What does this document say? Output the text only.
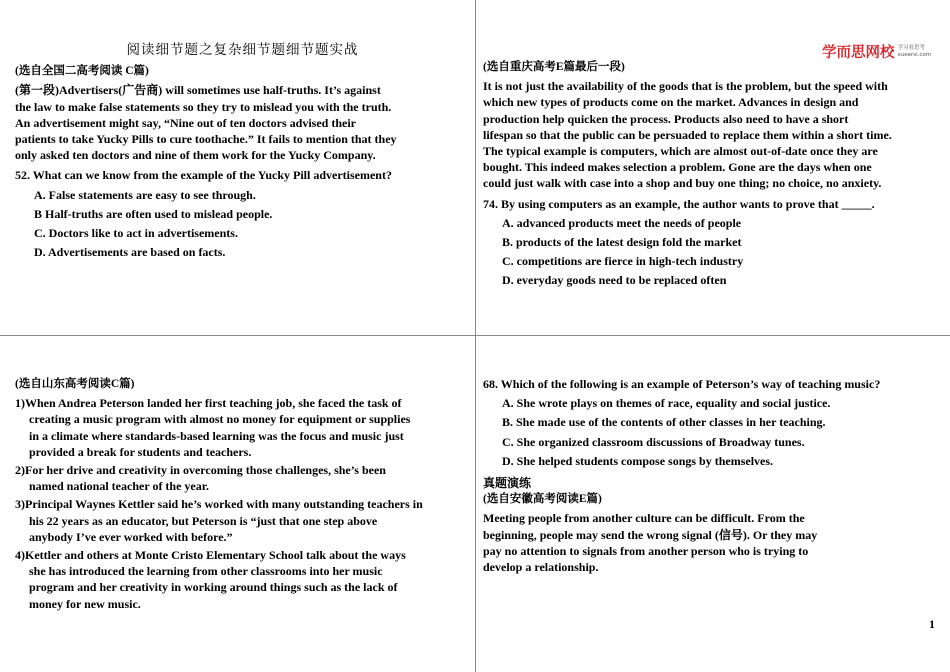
学而思网校 学习看思考
xueersi.com
阅读细节题之复杂细节题细节题实战
(选自全国二高考阅读 C篇)
(第一段)Advertisers(广告商) will sometimes use half-truths. It’s against
the law to make false statements so they try to mislead you with the truth.
An advertisement might say, “Nine out of ten doctors advised their
patients to take Yucky Pills to cure toothache.” It fails to mention that they
only asked ten doctors and nine of them work for the Yucky Company.
52. What can we know from the example of the Yucky Pill advertisement?
A. False statements are easy to see through.
B Half-truths are often used to mislead people.
C. Doctors like to act in advertisements.
D. Advertisements are based on facts.
(选自重庆高考E篇最后一段)
It is not just the availability of the goods that is the problem, but the speed with
which new types of products come on the market. Advances in design and
production help quicken the process. Products also need to have a short
lifespan so that the public can be persuaded to replace them within a short time.
The typical example is computers, which are almost out-of-date once they are
bought. This indeed makes selection a problem. Gone are the days when one
could just walk with case into a shop and buy one thing; no choice, no anxiety.
74. By using computers as an example, the author wants to prove that _____.
A. advanced products meet the needs of people
B. products of the latest design fold the market
C. competitions are fierce in high-tech industry
D. everyday goods need to be replaced often
(选自山东高考阅读C篇)
1)When Andrea Peterson landed her first teaching job, she faced the task of
creating a music program with almost no money for equipment or supplies
in a climate where standards-based learning was the focus and music just
provided a break for students and teachers.
2)For her drive and creativity in overcoming those challenges, she’s been
named national teacher of the year.
3)Principal Waynes Kettler said he’s worked with many outstanding teachers in
his 22 years as an educator, but Peterson is “just that one step above
anybody I’ve ever worked with before.”
4)Kettler and others at Monte Cristo Elementary School talk about the ways
she has introduced the learning from other classrooms into her music
program and her creativity in working around things such as the lack of
money for new music.
68. Which of the following is an example of Peterson’s way of teaching music?
A. She wrote plays on themes of race, equality and social justice.
B. She made use of the contents of other classes in her teaching.
C. She organized classroom discussions of Broadway tunes.
D. She helped students compose songs by themselves.
真题演练
(选自安徽高考阅读E篇)
Meeting people from another culture can be difficult. From the
beginning, people may send the wrong signal (信号). Or they may
pay no attention to signals from another person who is trying to
develop a relationship.
1
